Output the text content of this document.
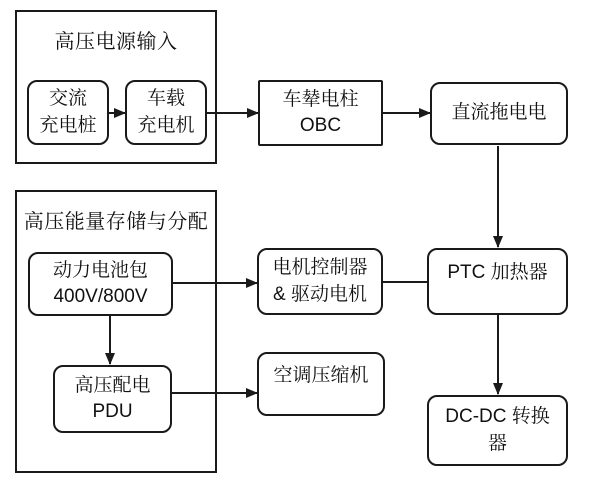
高压电源输入
高压能量存储与分配
交流
充电桩
车载
充电机
车辇电柱
OBC
直流拖电电
动力电池包
400V/800V
电机控制器
& 驱动电机
高压配电
PDU
空调压缩机
PTC 加热器
DC-DC 转换器
